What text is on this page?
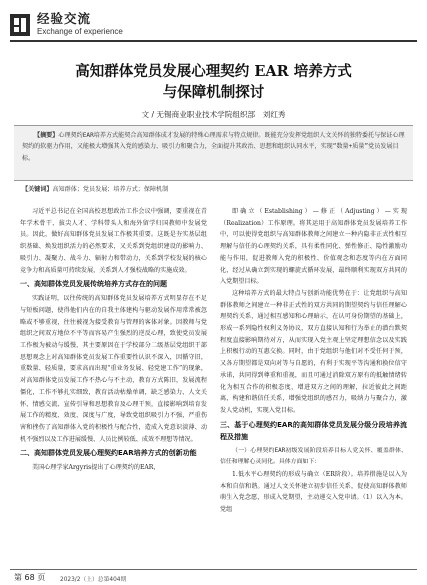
经验交流
Exchange of experience
高知群体党员发展心理契约 EAR 培养方式
与保障机制探讨
文 / 无锡商业职业技术学院组织部　刘红秀
【摘要】心理契约EAR培养方式能契合高知群体成才发展的特殊心理需求与特点规律。既能充分发挥党组织人文关怀的独特委托与保证心理契约的软驱力作用，又能极大增强其入党的感染力、吸引力和聚合力，全面提升其政治、思想和组织认同水平，实现“数量+质量”党员发展目标。
【关键词】高知群体；党员发展；培养方式；保障机制

习近平总书记在全国高校思想政治工作会议中强调，要重视在青年学术骨干、拔尖人才、学科带头人和海外留学归国教师中发展党员。因此，做好高知群体党员发展工作极其重要。这既是夯实基层组织基础、焕发组织活力的必然要求，又关系到党组织建设的影响力、吸引力、凝聚力、战斗力、辐射力和带动力，关系到学校发展的核心竞争力和高质量可持续发展，关系到人才强校战略的实施成效。

一、高知群体党员发展传统培养方式存在的问题

实践证明，以往传统的高知群体党员发展培养方式明显存在不足与短板问题，使得他们内在的自我主体建构与驱动发展作用常常被忽略或不够重视，往往被视为接受教育与管理的客体对象。因教师与党组织之间双方地位不平等而容易产生强烈的逆反心理，致使党员发展工作极为被动与缓慢，其主要原因在于学校部分二级基层党组织干部思想观念上对高知群体党员发展工作重要性认识不深入，因循守旧，重数量、轻质量，要求高而出现“重业务发展、轻党建工作”的现象，对高知群体党员发展工作不热心与不主动，教育方式陈旧，发展流程僵化，工作不够扎实细致，教育活动枯燥单调，缺乏感染力、人文关怀、情感交流、宣传引导和思想教育及心理干预，直接影响到培育发展工作的精度、效度、深度与广度，导致党组织吸引力不强，严重伤害和挫伤了高知群体入党的积极性与配合性，造成入党意识淡薄、动机不强烈以及工作进展缓慢、人员比例较低、成效不理想等情况。

二、高知群体党员发展心理契约EAR培养方式的创新功能

美国心理学家Argyris提出了心理契约的EAR，

即确立（Establishing）—修正（Adjusting）—实现（Realization）工作原理。将其运用于高知群体党员发展培养工作中，可以使得党组织与高知群体教师之间建立一种内隐非正式性相互理解与信任的心理契约关系，具有柔性同化、弹性修正、隐性激励功能与作用，促进教师入党的积极性、价值观念和态度等内在方面同化，经过从确立到实现的螺旋式循环发展，最终顺利实现双方共同的入党期望目标。

这种培养方式的最大特点与创新功能优势在于：让党组织与高知群体教师之间建立一种非正式性的双方共同的期望契约与信任理解心理契约关系，通过相互感知和心理暗示，在认可身份期望的基础上，形成一系列隐性权利义务协议，双方直接认知和行为举止的潜台默契程度直接影响期待对方，从而实现入党主观上坚定理想信念以及实践上积极行动的互惠交换。同时，由于党组织与他们对不受任何于预，又各方期望都是双向对等与自愿的，有利于实现平等沟通和换位信守承诺，共同得到尊重和重视，而且可通过消除双方原有的抵触情绪转化为相互合作的积极态度，增进双方之间的理解，拉近彼此之间距离，构建和谐信任关系，增强党组织的感召力，吸纳力与聚合力，激发人党动机，实现入党目标。

三、基于心理契约EAR的高知群体党员发展分级分段培养流程及措施

（一）心理契约EAR初级发展阶段培养目标人党关怀、覆盖群体、信任和理解心灵同化。具体方面如下：

1.低水平心理契约的形成与确立（ER阶段）。培养措施是以入为本和自信和谐。通过人文关怀建立初步信任关系，促使高知群体教师萌生入党念愿，形成入党期望，主动递交入党申请。（1）以入为本。党组

第 68 页	2023/2（上）总第404期
